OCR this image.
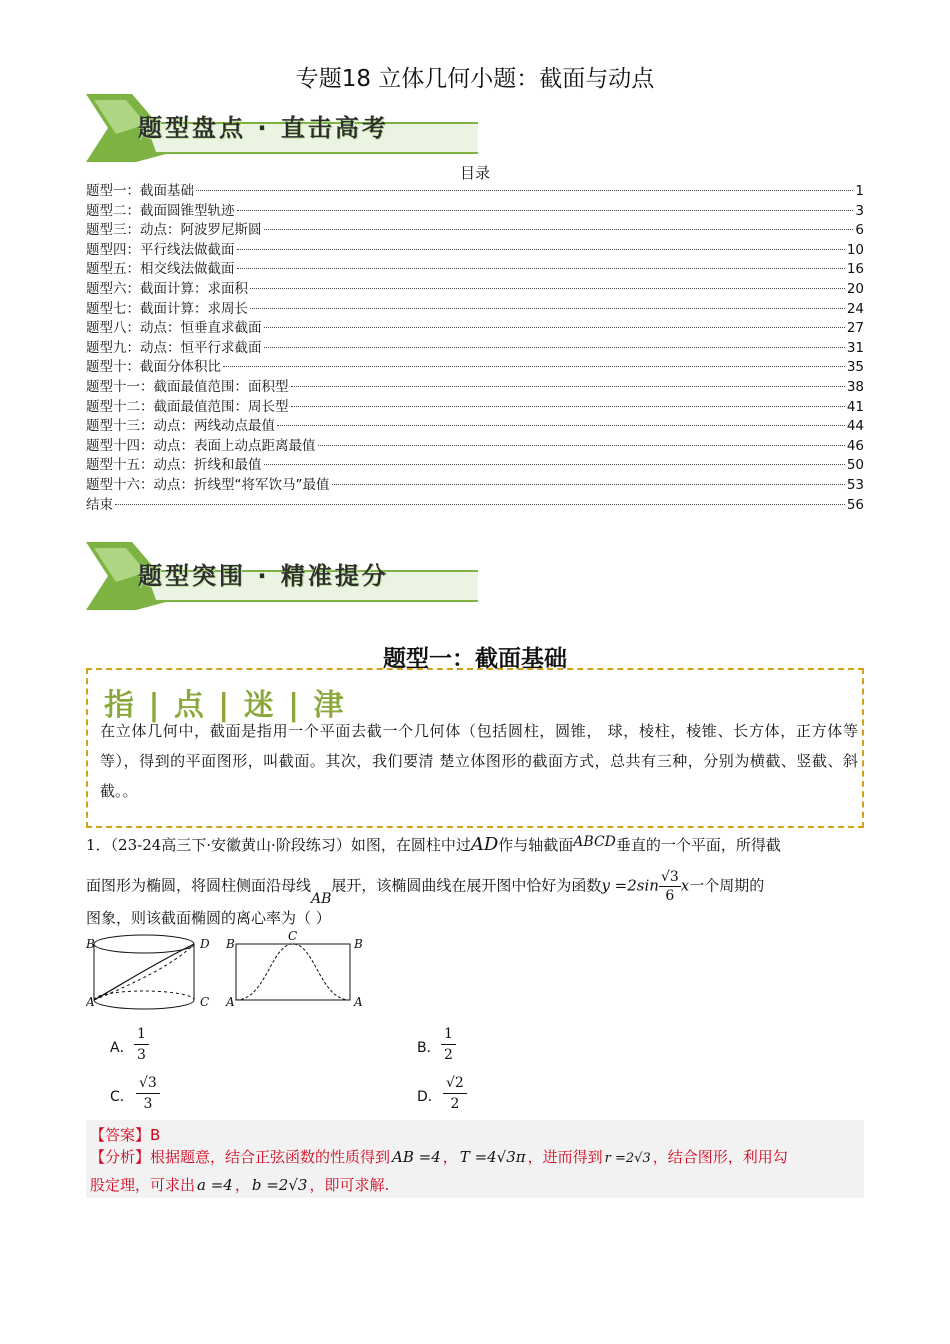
专题18 立体几何小题：截面与动点
题型盘点 · 直击高考
目录
题型一：截面基础	1
题型二：截面圆锥型轨迹	3
题型三：动点：阿波罗尼斯圆	6
题型四：平行线法做截面	10
题型五：相交线法做截面	16
题型六：截面计算：求面积	20
题型七：截面计算：求周长	24
题型八：动点：恒垂直求截面	27
题型九：动点：恒平行求截面	31
题型十：截面分体积比	35
题型十一：截面最值范围：面积型	38
题型十二：截面最值范围：周长型	41
题型十三：动点：两线动点最值	44
题型十四：动点：表面上动点距离最值	46
题型十五：动点：折线和最值	50
题型十六：动点：折线型“将军饮马”最值	53
结束	56
题型突围 · 精准提分
题型一：截面基础
指 | 点 | 迷 | 津
在立体几何中，截面是指用一个平面去截一个几何体（包括圆柱，圆锥， 球，棱柱，棱锥、长方体，正方体等等），得到的平面图形，叫截面。其次，我们要清 楚立体图形的截面方式，总共有三种，分别为横截、竖截、斜截。。
1．（23-24高三下·安徽黄山·阶段练习）如图，在圆柱中过AD作与轴截面ABCD垂直的一个平面，所得截
面图形为椭圆，将圆柱侧面沿母线AB展开，该椭圆曲线在展开图中恰好为函数$y =2\sin \frac{√3}{6}$ x一个周期的
图象，则该截面椭圆的离心率为（ ）
B	D
A	C
B
C
B
A	A
A． $\frac{1}{3}$	B． $\frac{1}{2}$
C． $\frac{√3}{3}$	D． $\frac{√2}{2}$
【答案】B
【分析】根据题意，结合正弦函数的性质得到 AB =4 ， T =4√3π ，进而得到 r =2√3 ，结合图形，利用勾
股定理，可求出 a =4 ， b =2√3 ，即可求解.
